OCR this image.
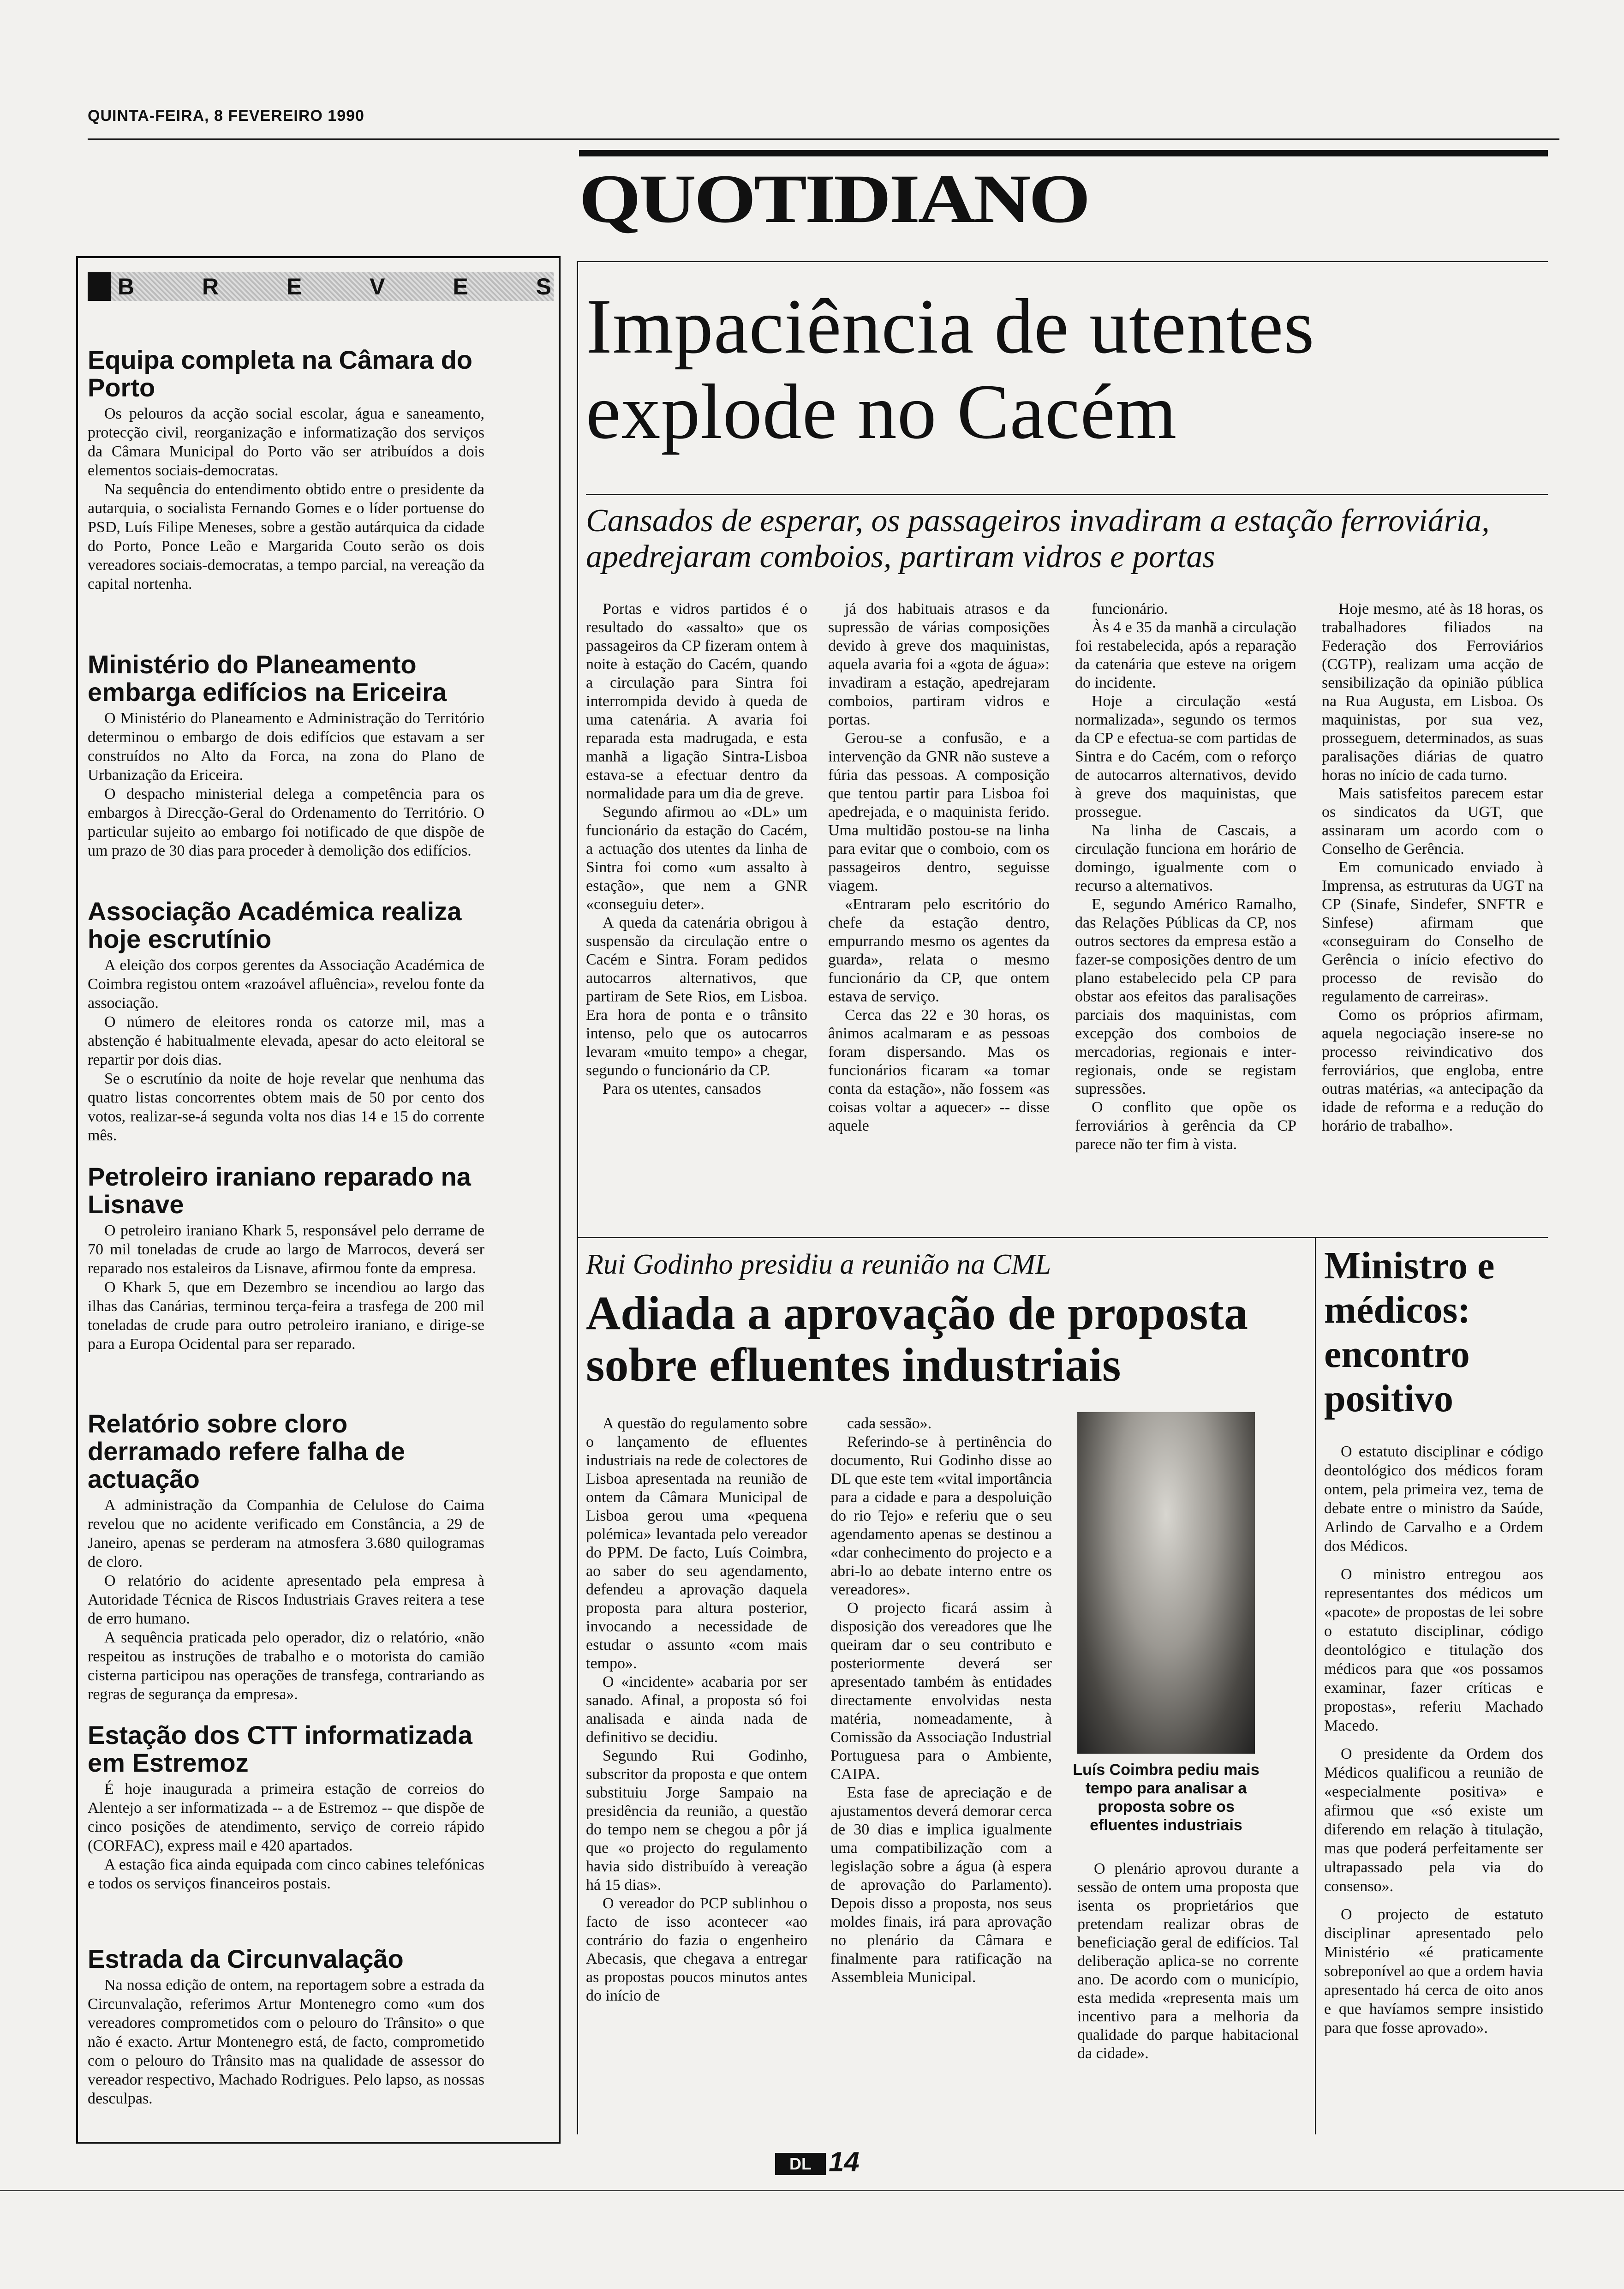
QUINTA-FEIRA, 8 FEVEREIRO 1990
QUOTIDIANO
B	R	E	V	E	S
Equipa completa na Câmara do Porto

Os pelouros da acção social escolar, água e saneamento, protecção civil, reorganização e informatização dos serviços da Câmara Municipal do Porto vão ser atribuídos a dois elementos sociais-democratas.

Na sequência do entendimento obtido entre o presidente da autarquia, o socialista Fernando Gomes e o líder portuense do PSD, Luís Filipe Meneses, sobre a gestão autárquica da cidade do Porto, Ponce Leão e Margarida Couto serão os dois vereadores sociais-democratas, a tempo parcial, na vereação da capital nortenha.

Ministério do Planeamento embarga edifícios na Ericeira

O Ministério do Planeamento e Administração do Território determinou o embargo de dois edifícios que estavam a ser construídos no Alto da Forca, na zona do Plano de Urbanização da Ericeira.

O despacho ministerial delega a competência para os embargos à Direcção-Geral do Ordenamento do Território. O particular sujeito ao embargo foi notificado de que dispõe de um prazo de 30 dias para proceder à demolição dos edifícios.

Associação Académica realiza hoje escrutínio

A eleição dos corpos gerentes da Associação Académica de Coimbra registou ontem «razoável afluência», revelou fonte da associação.

O número de eleitores ronda os catorze mil, mas a abstenção é habitualmente elevada, apesar do acto eleitoral se repartir por dois dias.

Se o escrutínio da noite de hoje revelar que nenhuma das quatro listas concorrentes obtem mais de 50 por cento dos votos, realizar-se-á segunda volta nos dias 14 e 15 do corrente mês.

Petroleiro iraniano reparado na Lisnave

O petroleiro iraniano Khark 5, responsável pelo derrame de 70 mil toneladas de crude ao largo de Marrocos, deverá ser reparado nos estaleiros da Lisnave, afirmou fonte da empresa.

O Khark 5, que em Dezembro se incendiou ao largo das ilhas das Canárias, terminou terça-feira a trasfega de 200 mil toneladas de crude para outro petroleiro iraniano, e dirige-se para a Europa Ocidental para ser reparado.

Relatório sobre cloro derramado refere falha de actuação

A administração da Companhia de Celulose do Caima revelou que no acidente verificado em Constância, a 29 de Janeiro, apenas se perderam na atmosfera 3.680 quilogramas de cloro.

O relatório do acidente apresentado pela empresa à Autoridade Técnica de Riscos Industriais Graves reitera a tese de erro humano.

A sequência praticada pelo operador, diz o relatório, «não respeitou as instruções de trabalho e o motorista do camião cisterna participou nas operações de transfega, contrariando as regras de segurança da empresa».

Estação dos CTT informatizada em Estremoz

É hoje inaugurada a primeira estação de correios do Alentejo a ser informatizada -- a de Estremoz -- que dispõe de cinco posições de atendimento, serviço de correio rápido (CORFAC), express mail e 420 apartados.

A estação fica ainda equipada com cinco cabines telefónicas e todos os serviços financeiros postais.

Estrada da Circunvalação

Na nossa edição de ontem, na reportagem sobre a estrada da Circunvalação, referimos Artur Montenegro como «um dos vereadores comprometidos com o pelouro do Trânsito» o que não é exacto. Artur Montenegro está, de facto, comprometido com o pelouro do Trânsito mas na qualidade de assessor do vereador respectivo, Machado Rodrigues. Pelo lapso, as nossas desculpas.

Impaciência de utentes explode no Cacém
Cansados de esperar, os passageiros invadiram a estação ferroviária, apedrejaram comboios, partiram vidros e portas

Portas e vidros partidos é o resultado do «assalto» que os passageiros da CP fizeram ontem à noite à estação do Cacém, quando a circulação para Sintra foi interrompida devido à queda de uma catenária. A avaria foi reparada esta madrugada, e esta manhã a ligação Sintra-Lisboa estava-se a efectuar dentro da normalidade para um dia de greve.

Segundo afirmou ao «DL» um funcionário da estação do Cacém, a actuação dos utentes da linha de Sintra foi como «um assalto à estação», que nem a GNR «conseguiu deter».

A queda da catenária obrigou à suspensão da circulação entre o Cacém e Sintra. Foram pedidos autocarros alternativos, que partiram de Sete Rios, em Lisboa. Era hora de ponta e o trânsito intenso, pelo que os autocarros levaram «muito tempo» a chegar, segundo o funcionário da CP.

Para os utentes, cansados

já dos habituais atrasos e da supressão de várias composições devido à greve dos maquinistas, aquela avaria foi a «gota de água»: invadiram a estação, apedrejaram comboios, partiram vidros e portas.

Gerou-se a confusão, e a intervenção da GNR não susteve a fúria das pessoas. A composição que tentou partir para Lisboa foi apedrejada, e o maquinista ferido. Uma multidão postou-se na linha para evitar que o comboio, com os passageiros dentro, seguisse viagem.

«Entraram pelo escritório do chefe da estação dentro, empurrando mesmo os agentes da guarda», relata o mesmo funcionário da CP, que ontem estava de serviço.

Cerca das 22 e 30 horas, os ânimos acalmaram e as pessoas foram dispersando. Mas os funcionários ficaram «a tomar conta da estação», não fossem «as coisas voltar a aquecer» -- disse aquele

funcionário.

Às 4 e 35 da manhã a circulação foi restabelecida, após a reparação da catenária que esteve na origem do incidente.

Hoje a circulação «está normalizada», segundo os termos da CP e efectua-se com partidas de Sintra e do Cacém, com o reforço de autocarros alternativos, devido à greve dos maquinistas, que prossegue.

Na linha de Cascais, a circulação funciona em horário de domingo, igualmente com o recurso a alternativos.

E, segundo Américo Ramalho, das Relações Públicas da CP, nos outros sectores da empresa estão a fazer-se composições dentro de um plano estabelecido pela CP para obstar aos efeitos das paralisações parciais dos maquinistas, com excepção dos comboios de mercadorias, regionais e inter-regionais, onde se registam supressões.

O conflito que opõe os ferroviários à gerência da CP parece não ter fim à vista.

Hoje mesmo, até às 18 horas, os trabalhadores filiados na Federação dos Ferroviários (CGTP), realizam uma acção de sensibilização da opinião pública na Rua Augusta, em Lisboa. Os maquinistas, por sua vez, prosseguem, determinados, as suas paralisações diárias de quatro horas no início de cada turno.

Mais satisfeitos parecem estar os sindicatos da UGT, que assinaram um acordo com o Conselho de Gerência.

Em comunicado enviado à Imprensa, as estruturas da UGT na CP (Sinafe, Sindefer, SNFTR e Sinfese) afirmam que «conseguiram do Conselho de Gerência o início efectivo do processo de revisão do regulamento de carreiras».

Como os próprios afirmam, aquela negociação insere-se no processo reivindicativo dos ferroviários, que engloba, entre outras matérias, «a antecipação da idade de reforma e a redução do horário de trabalho».

Rui Godinho presidiu a reunião na CML
Adiada a aprovação de proposta sobre efluentes industriais

A questão do regulamento sobre o lançamento de efluentes industriais na rede de colectores de Lisboa apresentada na reunião de ontem da Câmara Municipal de Lisboa gerou uma «pequena polémica» levantada pelo vereador do PPM. De facto, Luís Coimbra, ao saber do seu agendamento, defendeu a aprovação daquela proposta para altura posterior, invocando a necessidade de estudar o assunto «com mais tempo».

O «incidente» acabaria por ser sanado. Afinal, a proposta só foi analisada e ainda nada de definitivo se decidiu.

Segundo Rui Godinho, subscritor da proposta e que ontem substituiu Jorge Sampaio na presidência da reunião, a questão do tempo nem se chegou a pôr já que «o projecto do regulamento havia sido distribuído à vereação há 15 dias».

O vereador do PCP sublinhou o facto de isso acontecer «ao contrário do fazia o engenheiro Abecasis, que chegava a entregar as propostas poucos minutos antes do início de

cada sessão».

Referindo-se à pertinência do documento, Rui Godinho disse ao DL que este tem «vital importância para a cidade e para a despoluição do rio Tejo» e referiu que o seu agendamento apenas se destinou a «dar conhecimento do projecto e a abri-lo ao debate interno entre os vereadores».

O projecto ficará assim à disposição dos vereadores que lhe queiram dar o seu contributo e posteriormente deverá ser apresentado também às entidades directamente envolvidas nesta matéria, nomeadamente, à Comissão da Associação Industrial Portuguesa para o Ambiente, CAIPA.

Esta fase de apreciação e de ajustamentos deverá demorar cerca de 30 dias e implica igualmente uma compatibilização com a legislação sobre a água (à espera de aprovação do Parlamento). Depois disso a proposta, nos seus moldes finais, irá para aprovação no plenário da Câmara e finalmente para ratificação na Assembleia Municipal.

Luís Coimbra pediu mais tempo para analisar a proposta sobre os efluentes industriais

O plenário aprovou durante a sessão de ontem uma proposta que isenta os proprietários que pretendam realizar obras de beneficiação geral de edifícios. Tal deliberação aplica-se no corrente ano. De acordo com o município, esta medida «representa mais um incentivo para a melhoria da qualidade do parque habitacional da cidade».

Ministro e médicos: encontro positivo

O estatuto disciplinar e código deontológico dos médicos foram ontem, pela primeira vez, tema de debate entre o ministro da Saúde, Arlindo de Carvalho e a Ordem dos Médicos.

O ministro entregou aos representantes dos médicos um «pacote» de propostas de lei sobre o estatuto disciplinar, código deontológico e titulação dos médicos para que «os possamos examinar, fazer críticas e propostas», referiu Machado Macedo.

O presidente da Ordem dos Médicos qualificou a reunião de «especialmente positiva» e afirmou que «só existe um diferendo em relação à titulação, mas que poderá perfeitamente ser ultrapassado pela via do consenso».

O projecto de estatuto disciplinar apresentado pelo Ministério «é praticamente sobreponível ao que a ordem havia apresentado há cerca de oito anos e que havíamos sempre insistido para que fosse aprovado».

DL 14
